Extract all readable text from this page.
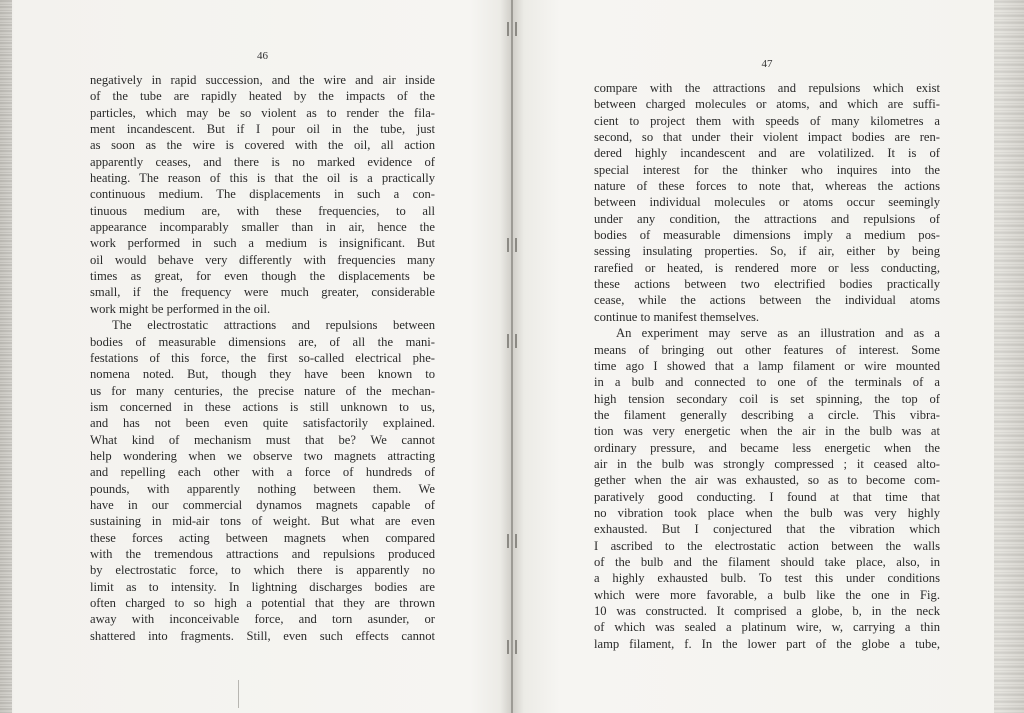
46
negatively in rapid succession, and the wire and air inside
of the tube are rapidly heated by the impacts of the
particles, which may be so violent as to render the fila-
ment incandescent. But if I pour oil in the tube, just
as soon as the wire is covered with the oil, all action
apparently ceases, and there is no marked evidence of
heating. The reason of this is that the oil is a practically
continuous medium. The displacements in such a con-
tinuous medium are, with these frequencies, to all
appearance incomparably smaller than in air, hence the
work performed in such a medium is insignificant. But
oil would behave very differently with frequencies many
times as great, for even though the displacements be
small, if the frequency were much greater, considerable
work might be performed in the oil.
The electrostatic attractions and repulsions between
bodies of measurable dimensions are, of all the mani-
festations of this force, the first so-called electrical phe-
nomena noted. But, though they have been known to
us for many centuries, the precise nature of the mechan-
ism concerned in these actions is still unknown to us,
and has not been even quite satisfactorily explained.
What kind of mechanism must that be? We cannot
help wondering when we observe two magnets attracting
and repelling each other with a force of hundreds of
pounds, with apparently nothing between them. We
have in our commercial dynamos magnets capable of
sustaining in mid-air tons of weight. But what are even
these forces acting between magnets when compared
with the tremendous attractions and repulsions produced
by electrostatic force, to which there is apparently no
limit as to intensity. In lightning discharges bodies are
often charged to so high a potential that they are thrown
away with inconceivable force, and torn asunder, or
shattered into fragments. Still, even such effects cannot
47
compare with the attractions and repulsions which exist
between charged molecules or atoms, and which are suffi-
cient to project them with speeds of many kilometres a
second, so that under their violent impact bodies are ren-
dered highly incandescent and are volatilized. It is of
special interest for the thinker who inquires into the
nature of these forces to note that, whereas the actions
between individual molecules or atoms occur seemingly
under any condition, the attractions and repulsions of
bodies of measurable dimensions imply a medium pos-
sessing insulating properties. So, if air, either by being
rarefied or heated, is rendered more or less conducting,
these actions between two electrified bodies practically
cease, while the actions between the individual atoms
continue to manifest themselves.
An experiment may serve as an illustration and as a
means of bringing out other features of interest. Some
time ago I showed that a lamp filament or wire mounted
in a bulb and connected to one of the terminals of a
high tension secondary coil is set spinning, the top of
the filament generally describing a circle. This vibra-
tion was very energetic when the air in the bulb was at
ordinary pressure, and became less energetic when the
air in the bulb was strongly compressed ; it ceased alto-
gether when the air was exhausted, so as to become com-
paratively good conducting. I found at that time that
no vibration took place when the bulb was very highly
exhausted. But I conjectured that the vibration which
I ascribed to the electrostatic action between the walls
of the bulb and the filament should take place, also, in
a highly exhausted bulb. To test this under conditions
which were more favorable, a bulb like the one in Fig.
10 was constructed. It comprised a globe, b, in the neck
of which was sealed a platinum wire, w, carrying a thin
lamp filament, f. In the lower part of the globe a tube,
